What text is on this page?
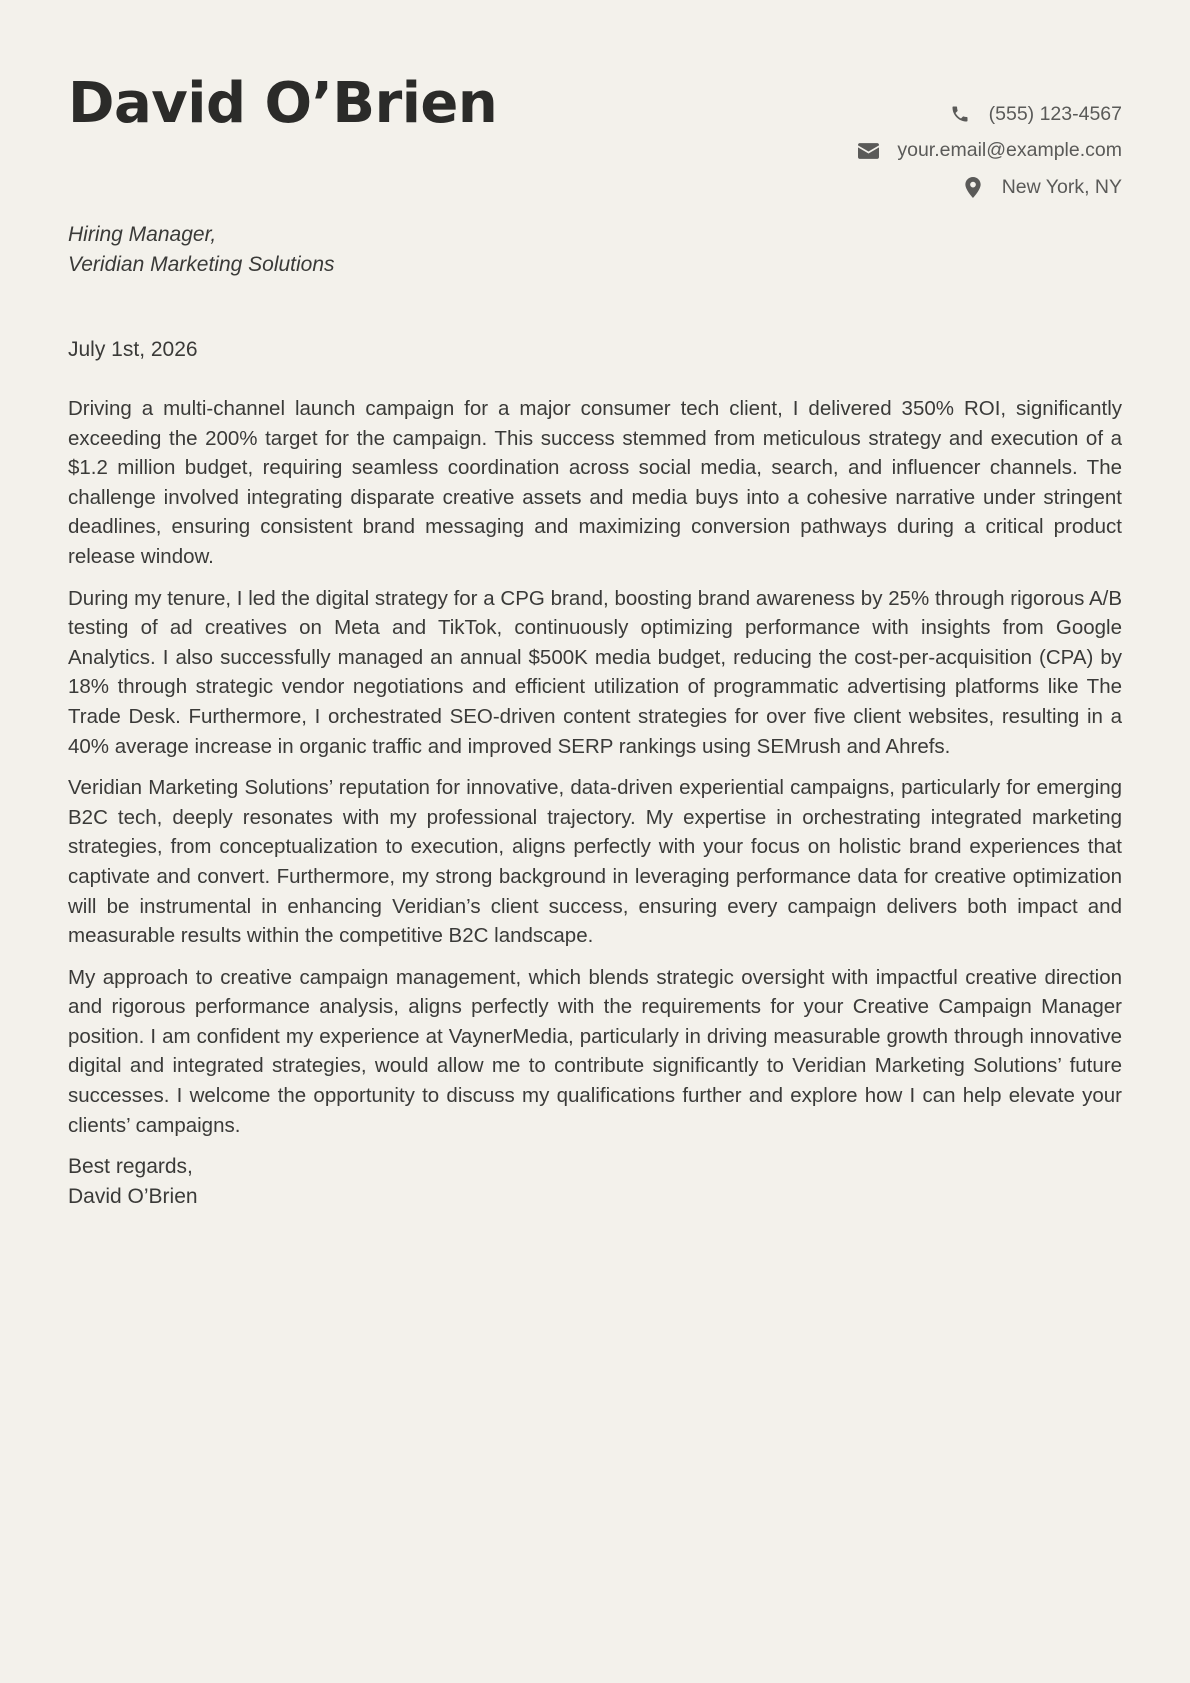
David O’Brien	(555) 123-4567
your.email@example.com
New York, NY
Hiring Manager,
Veridian Marketing Solutions
July 1st, 2026

Driving a multi-channel launch campaign for a major consumer tech client, I delivered 350% ROI, significantly exceeding the 200% target for the campaign. This success stemmed from meticulous strategy and execution of a $1.2 million budget, requiring seamless coordination across social media, search, and influencer channels. The challenge involved integrating disparate creative assets and media buys into a cohesive narrative under stringent deadlines, ensuring consistent brand messaging and maximizing conversion pathways during a critical product release window.

During my tenure, I led the digital strategy for a CPG brand, boosting brand awareness by 25% through rigorous A/B testing of ad creatives on Meta and TikTok, continuously optimizing performance with insights from Google Analytics. I also successfully managed an annual $500K media budget, reducing the cost-per-acquisition (CPA) by 18% through strategic vendor negotiations and efficient utilization of programmatic advertising platforms like The Trade Desk. Furthermore, I orchestrated SEO-driven content strategies for over five client websites, resulting in a 40% average increase in organic traffic and improved SERP rankings using SEMrush and Ahrefs.

Veridian Marketing Solutions’ reputation for innovative, data-driven experiential campaigns, particularly for emerging B2C tech, deeply resonates with my professional trajectory. My expertise in orchestrating integrated marketing strategies, from conceptualization to execution, aligns perfectly with your focus on holistic brand experiences that captivate and convert. Furthermore, my strong background in leveraging performance data for creative optimization will be instrumental in enhancing Veridian’s client success, ensuring every campaign delivers both impact and measurable results within the competitive B2C landscape.

My approach to creative campaign management, which blends strategic oversight with impactful creative direction and rigorous performance analysis, aligns perfectly with the requirements for your Creative Campaign Manager position. I am confident my experience at VaynerMedia, particularly in driving measurable growth through innovative digital and integrated strategies, would allow me to contribute significantly to Veridian Marketing Solutions’ future successes. I welcome the opportunity to discuss my qualifications further and explore how I can help elevate your clients’ campaigns.

Best regards,
David O’Brien
